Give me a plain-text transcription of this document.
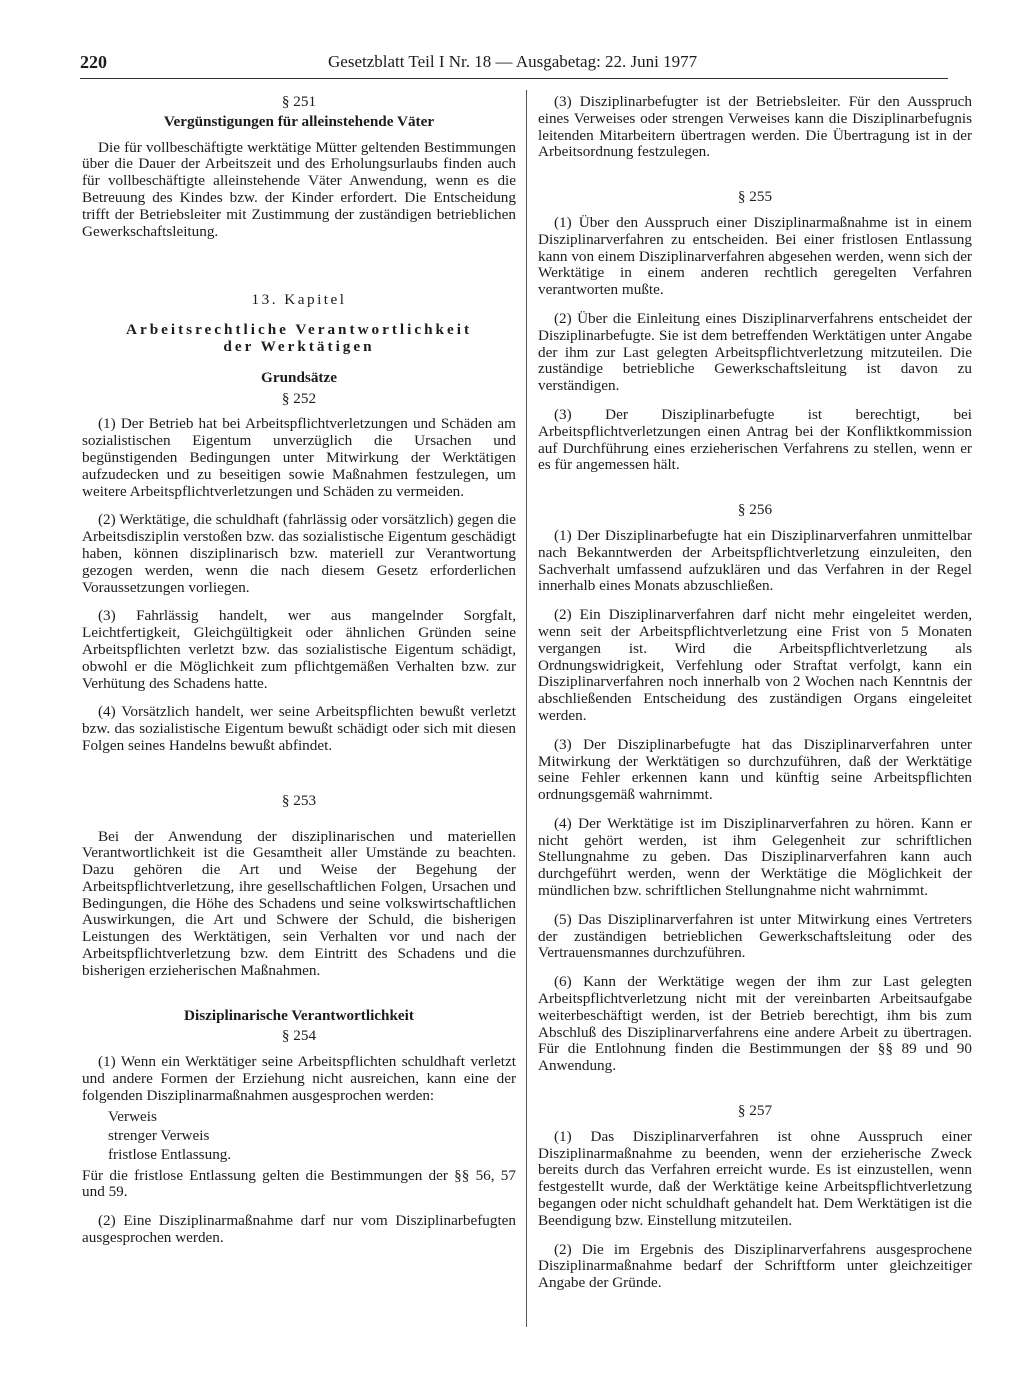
220	Gesetzblatt Teil I Nr. 18 — Ausgabetag: 22. Juni 1977
§ 251
Vergünstigungen für alleinstehende Väter

Die für vollbeschäftigte werktätige Mütter geltenden Bestimmungen über die Dauer der Arbeitszeit und des Erholungsurlaubs finden auch für vollbeschäftigte alleinstehende Väter Anwendung, wenn es die Betreuung des Kindes bzw. der Kinder erfordert. Die Entscheidung trifft der Betriebsleiter mit Zustimmung der zuständigen betrieblichen Gewerkschaftsleitung.

13. Kapitel
Arbeitsrechtliche Verantwortlichkeit
der Werktätigen
Grundsätze
§ 252

(1) Der Betrieb hat bei Arbeitspflichtverletzungen und Schäden am sozialistischen Eigentum unverzüglich die Ursachen und begünstigenden Bedingungen unter Mitwirkung der Werktätigen aufzudecken und zu beseitigen sowie Maßnahmen festzulegen, um weitere Arbeitspflichtverletzungen und Schäden zu vermeiden.

(2) Werktätige, die schuldhaft (fahrlässig oder vorsätzlich) gegen die Arbeitsdisziplin verstoßen bzw. das sozialistische Eigentum geschädigt haben, können disziplinarisch bzw. materiell zur Verantwortung gezogen werden, wenn die nach diesem Gesetz erforderlichen Voraussetzungen vorliegen.

(3) Fahrlässig handelt, wer aus mangelnder Sorgfalt, Leichtfertigkeit, Gleichgültigkeit oder ähnlichen Gründen seine Arbeitspflichten verletzt bzw. das sozialistische Eigentum schädigt, obwohl er die Möglichkeit zum pflichtgemäßen Verhalten bzw. zur Verhütung des Schadens hatte.

(4) Vorsätzlich handelt, wer seine Arbeitspflichten bewußt verletzt bzw. das sozialistische Eigentum bewußt schädigt oder sich mit diesen Folgen seines Handelns bewußt abfindet.

§ 253

Bei der Anwendung der disziplinarischen und materiellen Verantwortlichkeit ist die Gesamtheit aller Umstände zu beachten. Dazu gehören die Art und Weise der Begehung der Arbeitspflichtverletzung, ihre gesellschaftlichen Folgen, Ursachen und Bedingungen, die Höhe des Schadens und seine volkswirtschaftlichen Auswirkungen, die Art und Schwere der Schuld, die bisherigen Leistungen des Werktätigen, sein Verhalten vor und nach der Arbeitspflichtverletzung bzw. dem Eintritt des Schadens und die bisherigen erzieherischen Maßnahmen.

Disziplinarische Verantwortlichkeit
§ 254

(1) Wenn ein Werktätiger seine Arbeitspflichten schuldhaft verletzt und andere Formen der Erziehung nicht ausreichen, kann eine der folgenden Disziplinarmaßnahmen ausgesprochen werden:

Verweis
strenger Verweis
fristlose Entlassung.

Für die fristlose Entlassung gelten die Bestimmungen der §§ 56, 57 und 59.

(2) Eine Disziplinarmaßnahme darf nur vom Disziplinarbefugten ausgesprochen werden.

(3) Disziplinarbefugter ist der Betriebsleiter. Für den Ausspruch eines Verweises oder strengen Verweises kann die Disziplinarbefugnis leitenden Mitarbeitern übertragen werden. Die Übertragung ist in der Arbeitsordnung festzulegen.

§ 255

(1) Über den Ausspruch einer Disziplinarmaßnahme ist in einem Disziplinarverfahren zu entscheiden. Bei einer fristlosen Entlassung kann von einem Disziplinarverfahren abgesehen werden, wenn sich der Werktätige in einem anderen rechtlich geregelten Verfahren verantworten mußte.

(2) Über die Einleitung eines Disziplinarverfahrens entscheidet der Disziplinarbefugte. Sie ist dem betreffenden Werktätigen unter Angabe der ihm zur Last gelegten Arbeitspflichtverletzung mitzuteilen. Die zuständige betriebliche Gewerkschaftsleitung ist davon zu verständigen.

(3) Der Disziplinarbefugte ist berechtigt, bei Arbeitspflichtverletzungen einen Antrag bei der Konfliktkommission auf Durchführung eines erzieherischen Verfahrens zu stellen, wenn er es für angemessen hält.

§ 256

(1) Der Disziplinarbefugte hat ein Disziplinarverfahren unmittelbar nach Bekanntwerden der Arbeitspflichtverletzung einzuleiten, den Sachverhalt umfassend aufzuklären und das Verfahren in der Regel innerhalb eines Monats abzuschließen.

(2) Ein Disziplinarverfahren darf nicht mehr eingeleitet werden, wenn seit der Arbeitspflichtverletzung eine Frist von 5 Monaten vergangen ist. Wird die Arbeitspflichtverletzung als Ordnungswidrigkeit, Verfehlung oder Straftat verfolgt, kann ein Disziplinarverfahren noch innerhalb von 2 Wochen nach Kenntnis der abschließenden Entscheidung des zuständigen Organs eingeleitet werden.

(3) Der Disziplinarbefugte hat das Disziplinarverfahren unter Mitwirkung der Werktätigen so durchzuführen, daß der Werktätige seine Fehler erkennen kann und künftig seine Arbeitspflichten ordnungsgemäß wahrnimmt.

(4) Der Werktätige ist im Disziplinarverfahren zu hören. Kann er nicht gehört werden, ist ihm Gelegenheit zur schriftlichen Stellungnahme zu geben. Das Disziplinarverfahren kann auch durchgeführt werden, wenn der Werktätige die Möglichkeit der mündlichen bzw. schriftlichen Stellungnahme nicht wahrnimmt.

(5) Das Disziplinarverfahren ist unter Mitwirkung eines Vertreters der zuständigen betrieblichen Gewerkschaftsleitung oder des Vertrauensmannes durchzuführen.

(6) Kann der Werktätige wegen der ihm zur Last gelegten Arbeitspflichtverletzung nicht mit der vereinbarten Arbeitsaufgabe weiterbeschäftigt werden, ist der Betrieb berechtigt, ihm bis zum Abschluß des Disziplinarverfahrens eine andere Arbeit zu übertragen. Für die Entlohnung finden die Bestimmungen der §§ 89 und 90 Anwendung.

§ 257

(1) Das Disziplinarverfahren ist ohne Ausspruch einer Disziplinarmaßnahme zu beenden, wenn der erzieherische Zweck bereits durch das Verfahren erreicht wurde. Es ist einzustellen, wenn festgestellt wurde, daß der Werktätige keine Arbeitspflichtverletzung begangen oder nicht schuldhaft gehandelt hat. Dem Werktätigen ist die Beendigung bzw. Einstellung mitzuteilen.

(2) Die im Ergebnis des Disziplinarverfahrens ausgesprochene Disziplinarmaßnahme bedarf der Schriftform unter gleichzeitiger Angabe der Gründe.
